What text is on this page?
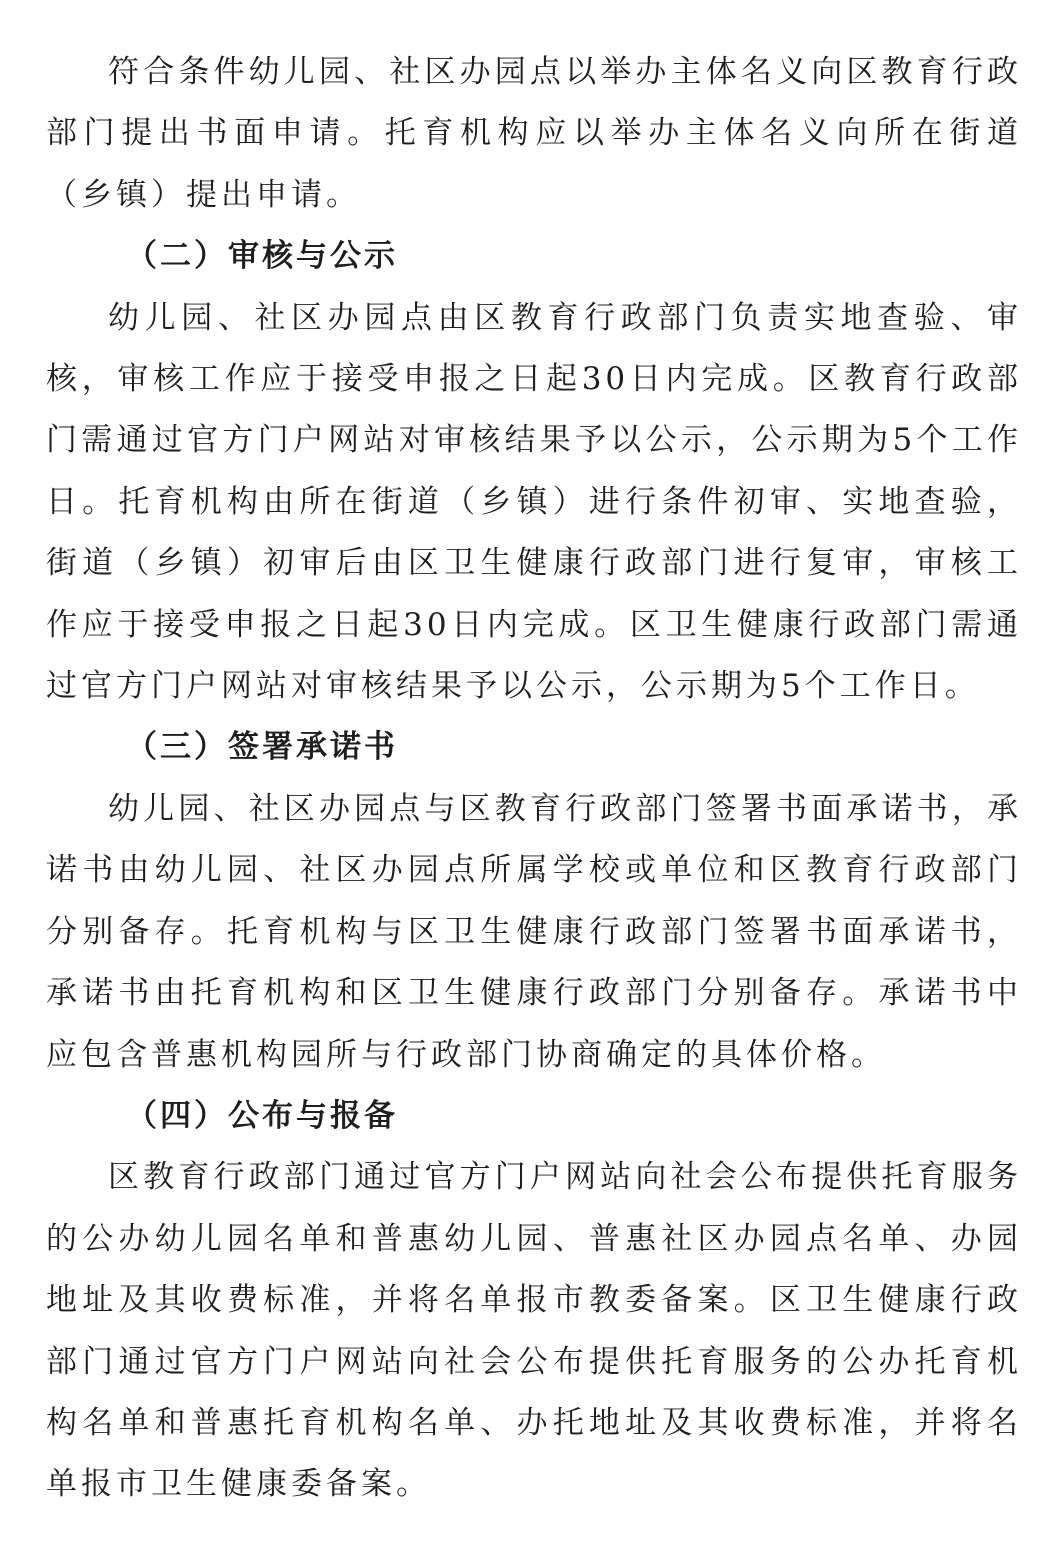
符合条件幼儿园、社区办园点以举办主体名义向区教育行政部门提出书面申请。托育机构应以举办主体名义向所在街道（乡镇）提出申请。

（二）审核与公示

幼儿园、社区办园点由区教育行政部门负责实地查验、审核，审核工作应于接受申报之日起30日内完成。区教育行政部门需通过官方门户网站对审核结果予以公示，公示期为5个工作日。托育机构由所在街道（乡镇）进行条件初审、实地查验，街道（乡镇）初审后由区卫生健康行政部门进行复审，审核工作应于接受申报之日起30日内完成。区卫生健康行政部门需通过官方门户网站对审核结果予以公示，公示期为5个工作日。

（三）签署承诺书

幼儿园、社区办园点与区教育行政部门签署书面承诺书，承诺书由幼儿园、社区办园点所属学校或单位和区教育行政部门分别备存。托育机构与区卫生健康行政部门签署书面承诺书，承诺书由托育机构和区卫生健康行政部门分别备存。承诺书中应包含普惠机构园所与行政部门协商确定的具体价格。

（四）公布与报备

区教育行政部门通过官方门户网站向社会公布提供托育服务的公办幼儿园名单和普惠幼儿园、普惠社区办园点名单、办园地址及其收费标准，并将名单报市教委备案。区卫生健康行政部门通过官方门户网站向社会公布提供托育服务的公办托育机构名单和普惠托育机构名单、办托地址及其收费标准，并将名单报市卫生健康委备案。
